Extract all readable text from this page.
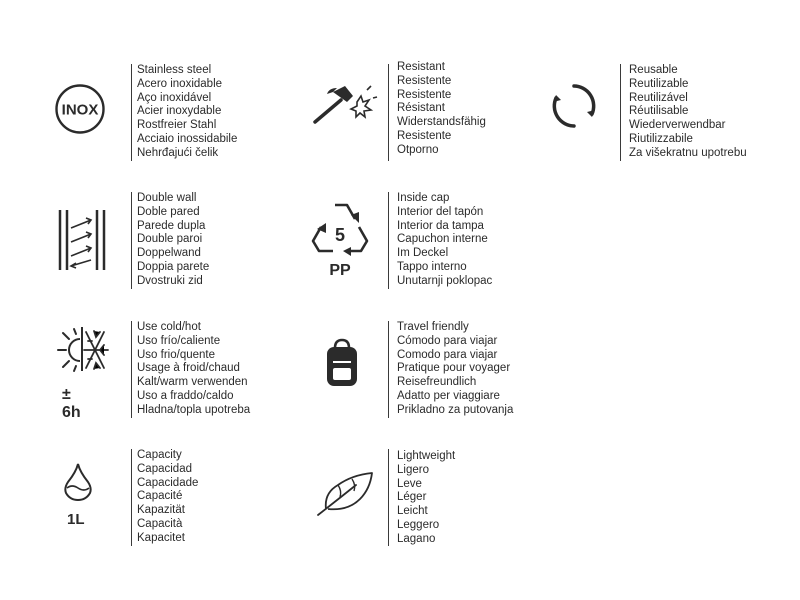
INOX
Stainless steel
Acero inoxidable
Aço inoxidável
Acier inoxydable
Rostfreier Stahl
Acciaio inossidabile
Nehrđajući čelik
Resistant
Resistente
Resistente
Résistant
Widerstandsfähig
Resistente
Otporno
Reusable
Reutilizable
Reutilizável
Réutilisable
Wiederverwendbar
Riutilizzabile
Za višekratnu upotrebu
Double wall
Doble pared
Parede dupla
Double paroi
Doppelwand
Doppia parete
Dvostruki zid
5
PP
Inside cap
Interior del tapón
Interior da tampa
Capuchon interne
Im Deckel
Tappo interno
Unutarnji poklopac
± 6h
Use cold/hot
Uso frío/caliente
Uso frio/quente
Usage à froid/chaud
Kalt/warm verwenden
Uso a fraddo/caldo
Hladna/topla upotreba
Travel friendly
Cómodo para viajar
Comodo para viajar
Pratique pour voyager
Reisefreundlich
Adatto per viaggiare
Prikladno za putovanja
1L
Capacity
Capacidad
Capacidade
Capacité
Kapazität
Capacità
Kapacitet
Lightweight
Ligero
Leve
Léger
Leicht
Leggero
Lagano
